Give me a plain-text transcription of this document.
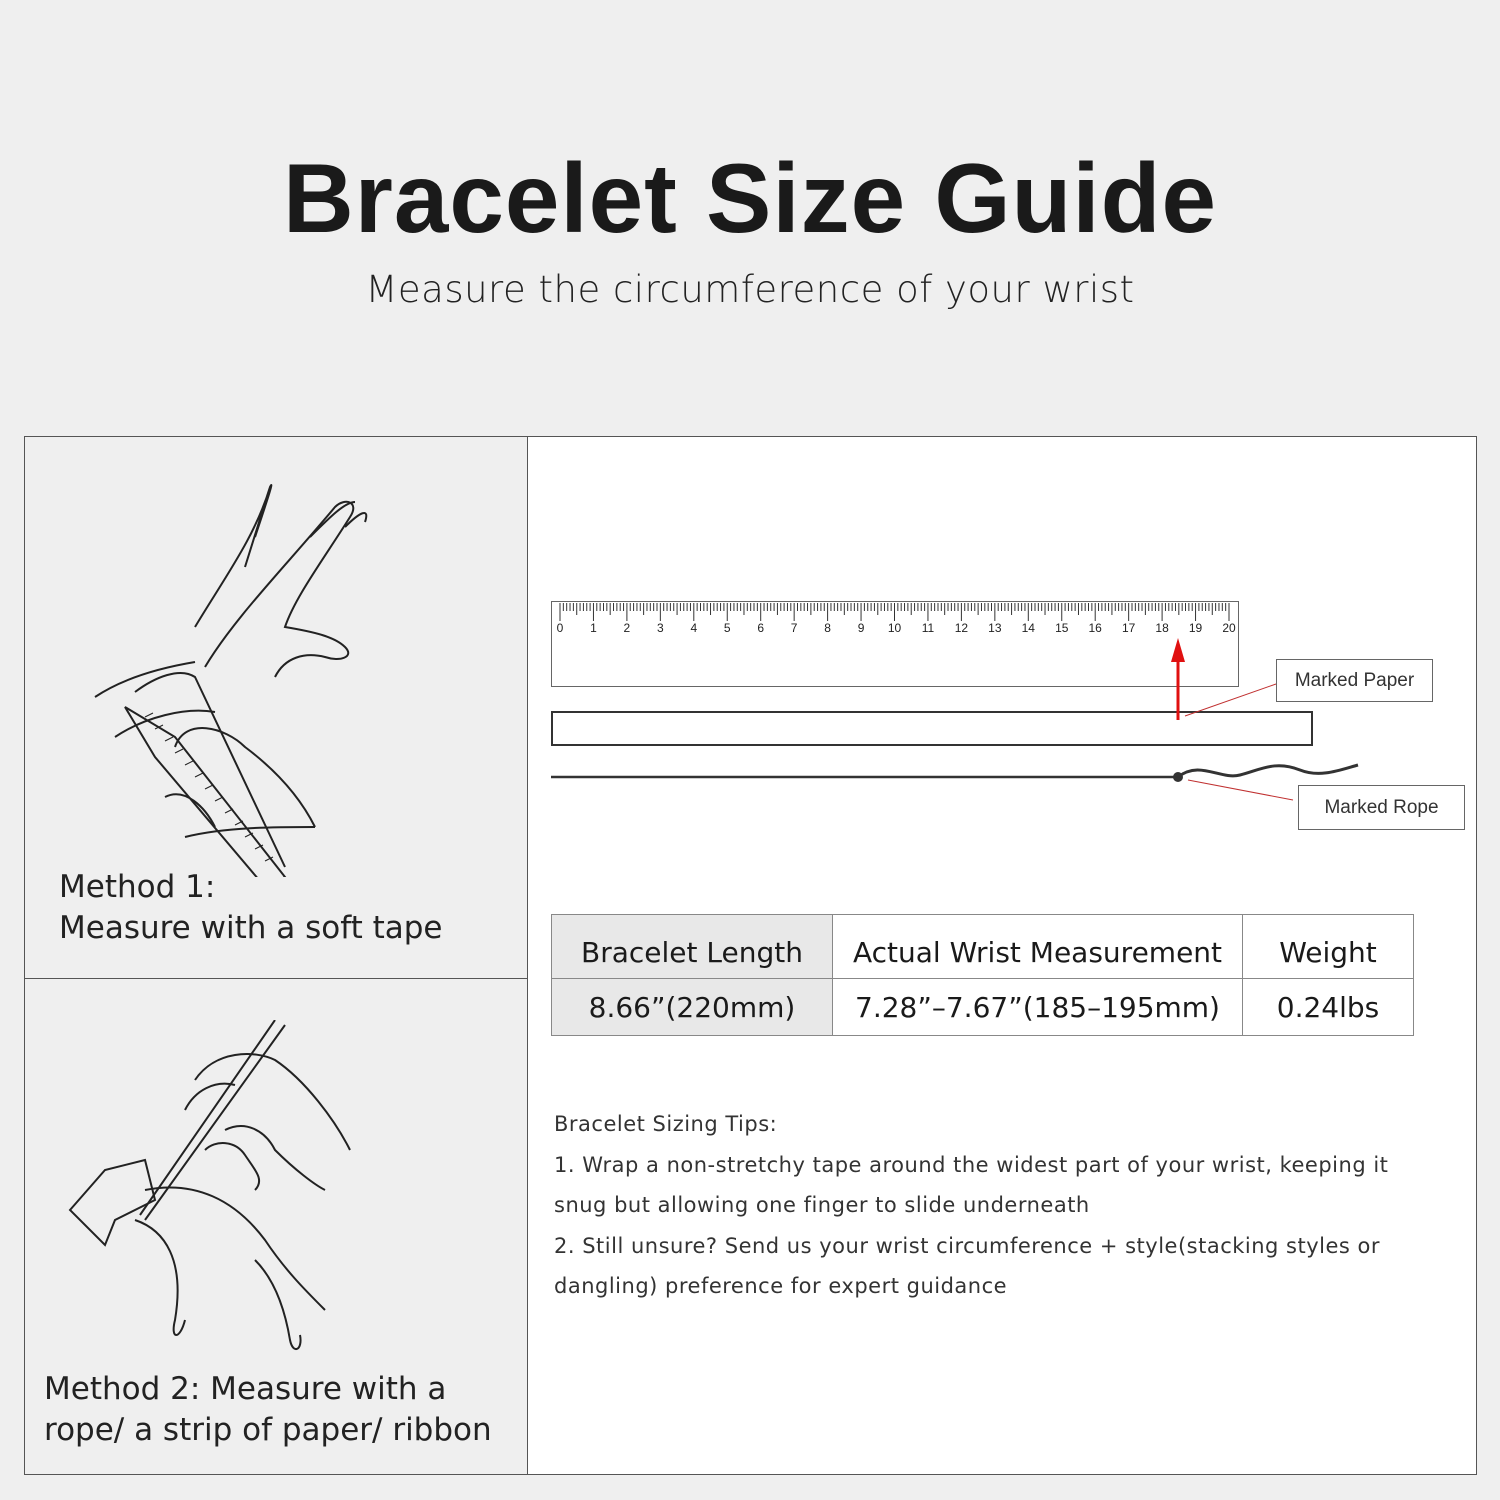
Bracelet Size Guide
Measure the circumference of your wrist
Method 1:
Measure with a soft tape
Method 2: Measure with a
rope/ a strip of paper/ ribbon
0	1	2	3	4	5	6	7	8	9	10	11	12	13	14	15	16	17	18	19	20
Marked Paper
Marked Rope
Bracelet Length	Actual Wrist Measurement	Weight
8.66”(220mm)	7.28”–7.67”(185–195mm)	0.24lbs
Bracelet Sizing Tips:
1. Wrap a non-stretchy tape around the widest part of your wrist, keeping it snug but allowing one finger to slide underneath
2. Still unsure? Send us your wrist circumference + style(stacking styles or dangling) preference for expert guidance
